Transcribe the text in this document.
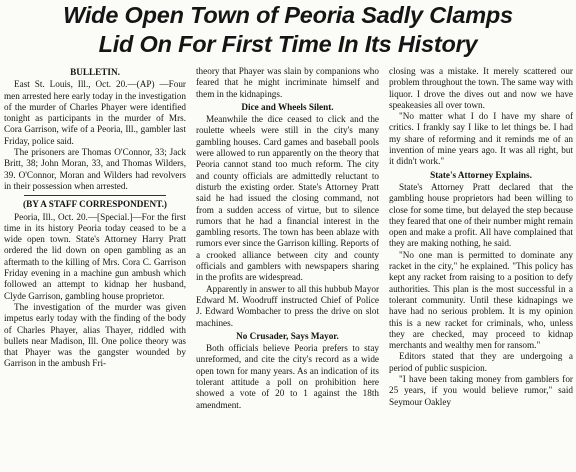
Wide Open Town of Peoria Sadly Clamps
Lid On For First Time In Its History

BULLETIN.

East St. Louis, Ill., Oct. 20.—(AP) —Four men arrested here early today in the investigation of the murder of Charles Phayer were identified tonight as participants in the murder of Mrs. Cora Garrison, wife of a Peoria, Ill., gambler last Friday, police said.

The prisoners are Thomas O'Connor, 33; Jack Britt, 38; John Moran, 33, and Thomas Wilders, 39. O'Connor, Moran and Wilders had revolvers in their possession when arrested.

(BY A STAFF CORRESPONDENT.)

Peoria, Ill., Oct. 20.—[Special.]—For the first time in its history Peoria today ceased to be a wide open town. State's Attorney Harry Pratt ordered the lid down on open gambling as an aftermath to the killing of Mrs. Cora C. Garrison Friday evening in a machine gun ambush which followed an attempt to kidnap her husband, Clyde Garrison, gambling house proprietor.

The investigation of the murder was given impetus early today with the finding of the body of Charles Phayer, alias Thayer, riddled with bullets near Madison, Ill. One police theory was that Phayer was the gangster wounded by Garrison in the ambush Fri-

theory that Phayer was slain by companions who feared that he might incriminate himself and them in the kidnapings.

Dice and Wheels Silent.

Meanwhile the dice ceased to click and the roulette wheels were still in the city's many gambling houses. Card games and baseball pools were allowed to run apparently on the theory that Peoria cannot stand too much reform. The city and county officials are admittedly reluctant to disturb the existing order. State's Attorney Pratt said he had issued the closing command, not from a sudden access of virtue, but to silence rumors that he had a financial interest in the gambling resorts. The town has been ablaze with rumors ever since the Garrison killing. Reports of a crooked alliance between city and county officials and gamblers with newspapers sharing in the profits are widespread.

Apparently in answer to all this hubbub Mayor Edward M. Woodruff instructed Chief of Police J. Edward Wombacher to press the drive on slot machines.

No Crusader, Says Mayor.

Both officials believe Peoria prefers to stay unreformed, and cite the city's record as a wide open town for many years. As an indication of its tolerant attitude a poll on prohibition here showed a vote of 20 to 1 against the 18th amendment.

closing was a mistake. It merely scattered our problem throughout the town. The same way with liquor. I drove the dives out and now we have speakeasies all over town.

"No matter what I do I have my share of critics. I frankly say I like to let things be. I had my share of reforming and it reminds me of an invention of mine years ago. It was all right, but it didn't work."

State's Attorney Explains.

State's Attorney Pratt declared that the gambling house proprietors had been willing to close for some time, but delayed the step because they feared that one of their number might remain open and make a profit. All have complained that they are making nothing, he said.

"No one man is permitted to dominate any racket in the city," he explained. "This policy has kept any racket from raising to a position to defy authorities. This plan is the most successful in a tolerant community. Until these kidnapings we have had no serious problem. It is my opinion this is a new racket for criminals, who, unless they are checked, may proceed to kidnap merchants and wealthy men for ransom."

Editors stated that they are undergoing a period of public suspicion.

"I have been taking money from gamblers for 25 years, if you would believe rumor," said Seymour Oakley
